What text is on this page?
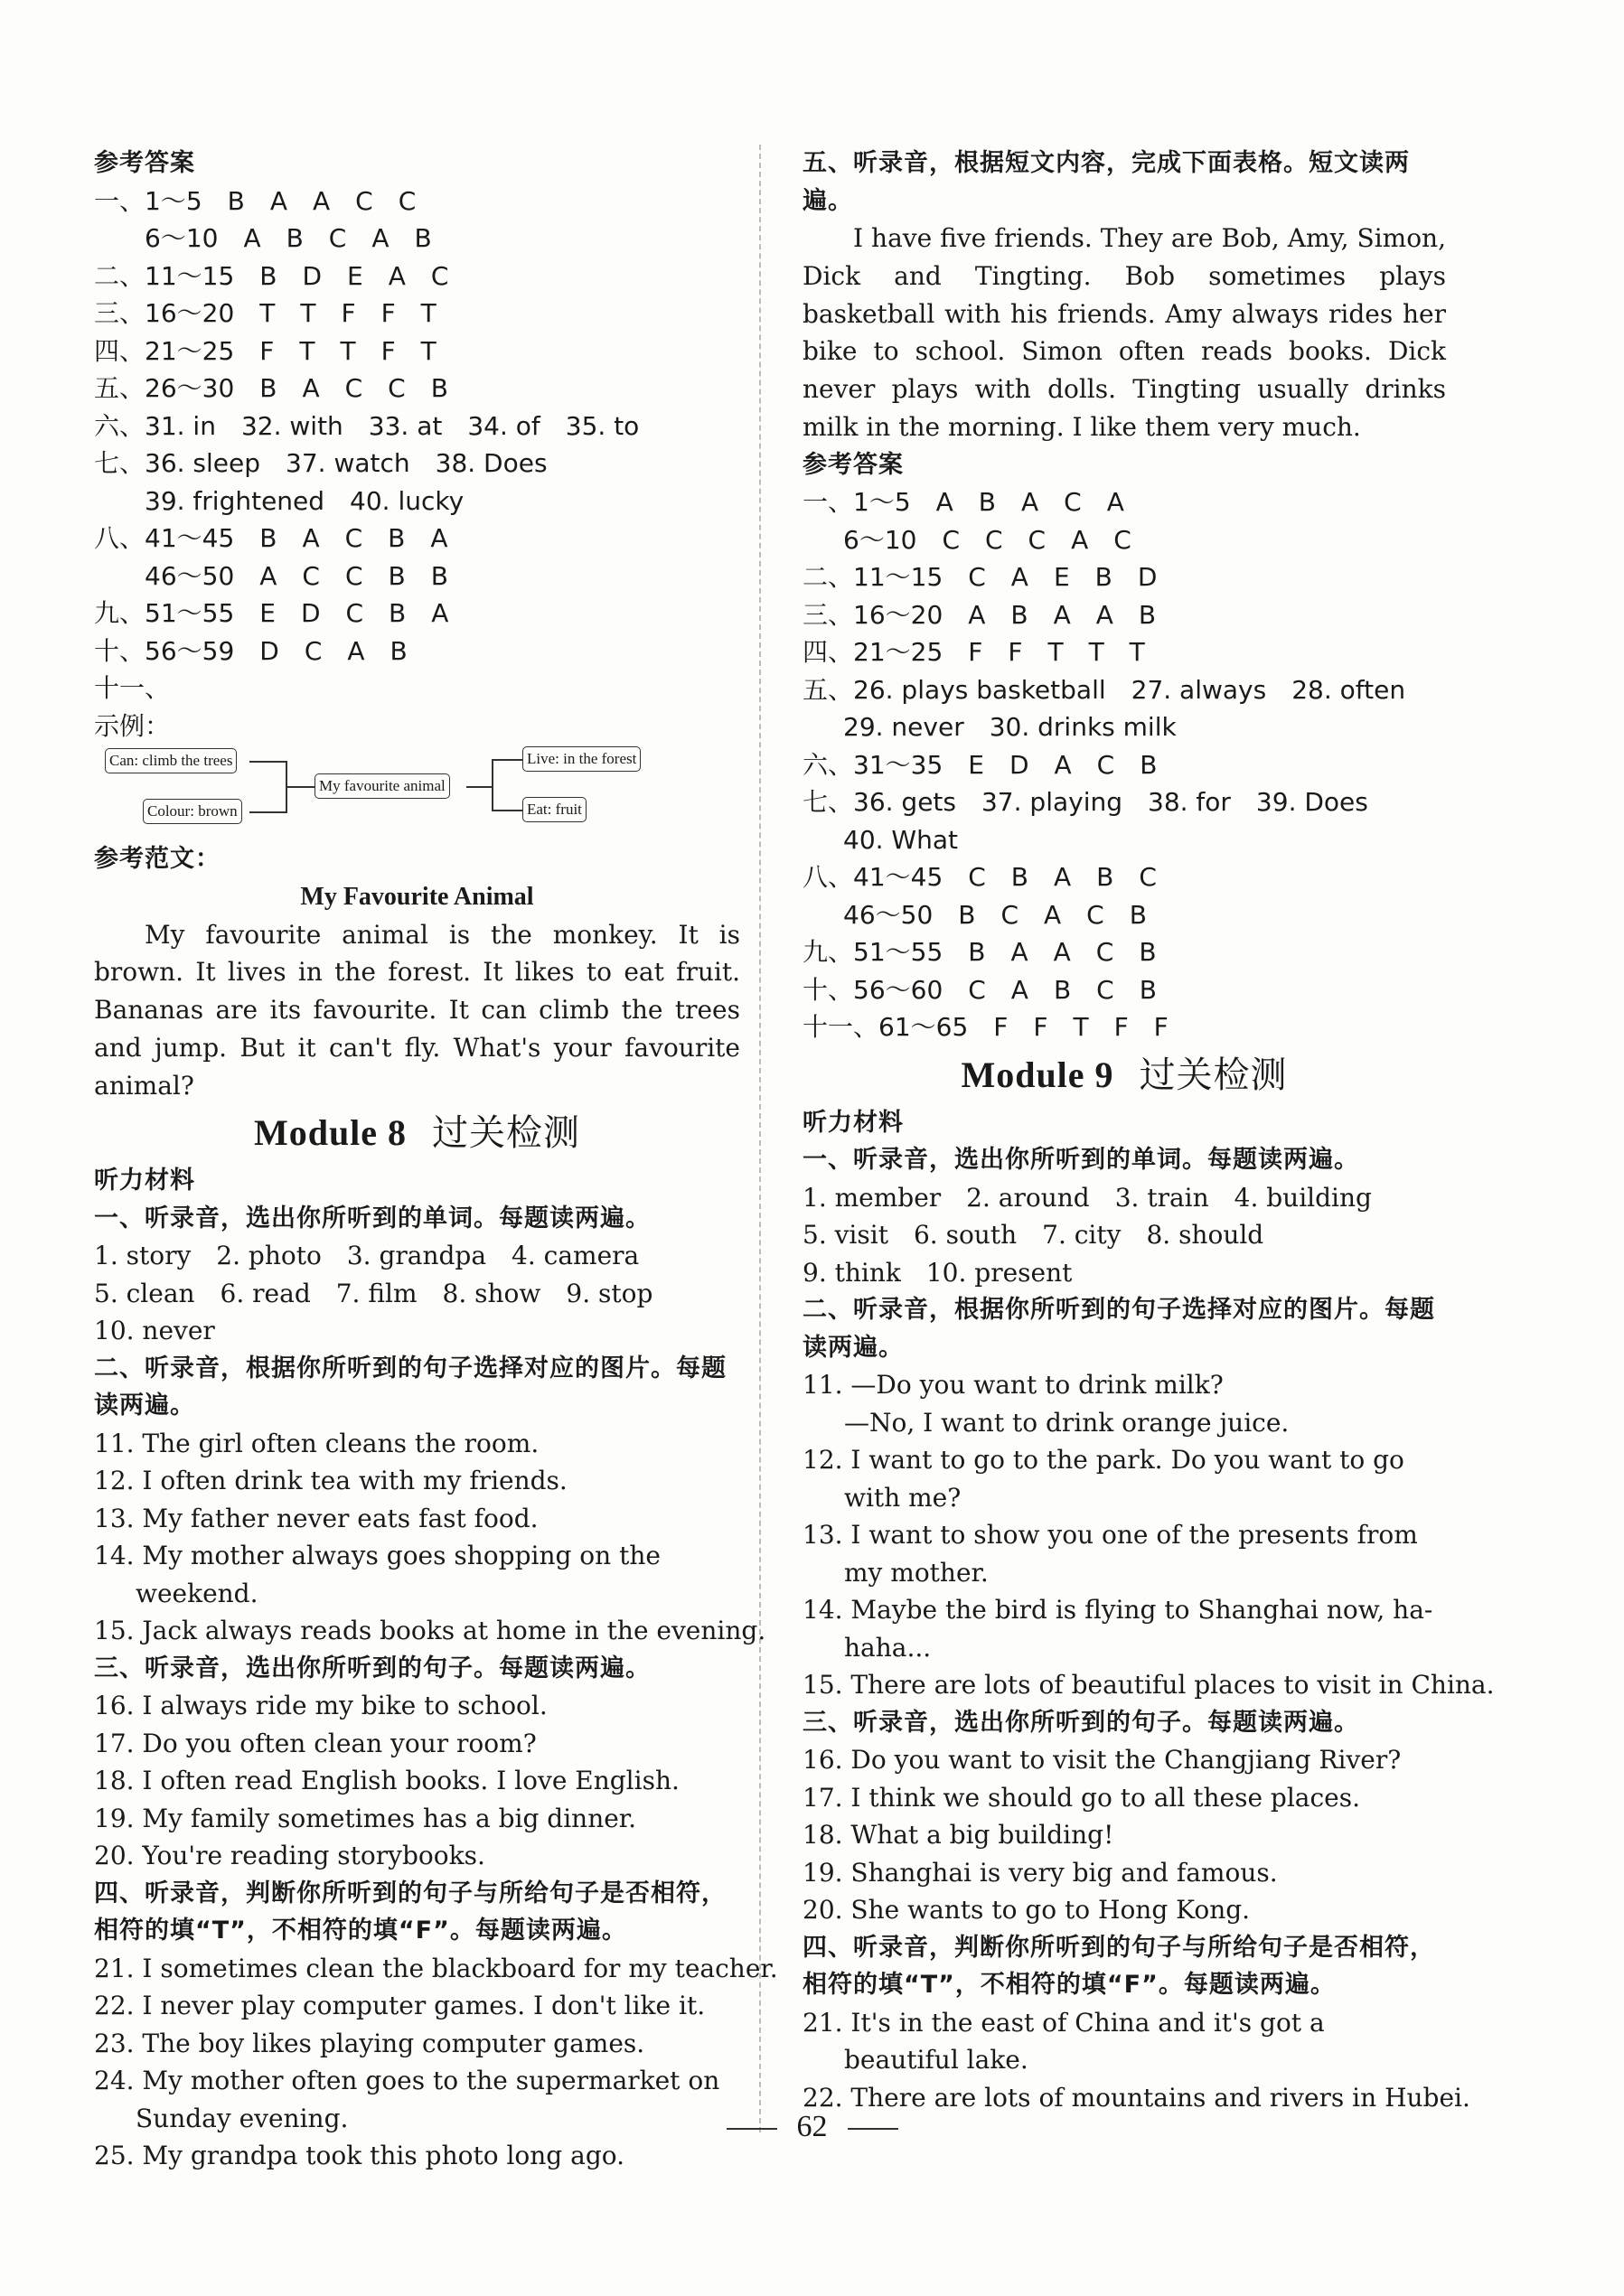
参考答案
一、1～5　B　A　A　C　C
6～10　A　B　C　A　B
二、11～15　B　D　E　A　C
三、16～20　T　T　F　F　T
四、21～25　F　T　T　F　T
五、26～30　B　A　C　C　B
六、31. in　32. with　33. at　34. of　35. to
七、36. sleep　37. watch　38. Does
39. frightened　40. lucky
八、41～45　B　A　C　B　A
46～50　A　C　C　B　B
九、51～55　E　D　C　B　A
十、56～59　D　C　A　B
十一、
示例：
Can: climb the trees
Colour: brown
My favourite animal
Live: in the forest
Eat: fruit
参考范文：
My Favourite Animal
My favourite animal is the monkey. It is brown. It lives in the forest. It likes to eat fruit. Bananas are its favourite. It can climb the trees and jump. But it can't fly. What's your favourite animal?
Module 8 过关检测
听力材料
一、听录音，选出你所听到的单词。每题读两遍。
1. story　2. photo　3. grandpa　4. camera
5. clean　6. read　7. film　8. show　9. stop
10. never
二、听录音，根据你所听到的句子选择对应的图片。每题读两遍。
11. The girl often cleans the room.
12. I often drink tea with my friends.
13. My father never eats fast food.
14. My mother always goes shopping on the weekend.
15. Jack always reads books at home in the evening.
三、听录音，选出你所听到的句子。每题读两遍。
16. I always ride my bike to school.
17. Do you often clean your room?
18. I often read English books. I love English.
19. My family sometimes has a big dinner.
20. You're reading storybooks.
四、听录音，判断你所听到的句子与所给句子是否相符，相符的填“T”，不相符的填“F”。每题读两遍。
21. I sometimes clean the blackboard for my teacher.
22. I never play computer games. I don't like it.
23. The boy likes playing computer games.
24. My mother often goes to the supermarket on Sunday evening.
25. My grandpa took this photo long ago.
五、听录音，根据短文内容，完成下面表格。短文读两遍。
I have five friends. They are Bob, Amy, Simon, Dick and Tingting. Bob sometimes plays basketball with his friends. Amy always rides her bike to school. Simon often reads books. Dick never plays with dolls. Tingting usually drinks milk in the morning. I like them very much.
参考答案
一、1～5　A　B　A　C　A
6～10　C　C　C　A　C
二、11～15　C　A　E　B　D
三、16～20　A　B　A　A　B
四、21～25　F　F　T　T　T
五、26. plays basketball　27. always　28. often
29. never　30. drinks milk
六、31～35　E　D　A　C　B
七、36. gets　37. playing　38. for　39. Does
40. What
八、41～45　C　B　A　B　C
46～50　B　C　A　C　B
九、51～55　B　A　A　C　B
十、56～60　C　A　B　C　B
十一、61～65　F　F　T　F　F
Module 9 过关检测
听力材料
一、听录音，选出你所听到的单词。每题读两遍。
1. member　2. around　3. train　4. building
5. visit　6. south　7. city　8. should
9. think　10. present
二、听录音，根据你所听到的句子选择对应的图片。每题读两遍。
11. —Do you want to drink milk?
—No, I want to drink orange juice.
12. I want to go to the park. Do you want to go with me?
13. I want to show you one of the presents from my mother.
14. Maybe the bird is flying to Shanghai now, ha-haha...
15. There are lots of beautiful places to visit in China.
三、听录音，选出你所听到的句子。每题读两遍。
16. Do you want to visit the Changjiang River?
17. I think we should go to all these places.
18. What a big building!
19. Shanghai is very big and famous.
20. She wants to go to Hong Kong.
四、听录音，判断你所听到的句子与所给句子是否相符，相符的填“T”，不相符的填“F”。每题读两遍。
21. It's in the east of China and it's got a beautiful lake.
22. There are lots of mountains and rivers in Hubei.
62
